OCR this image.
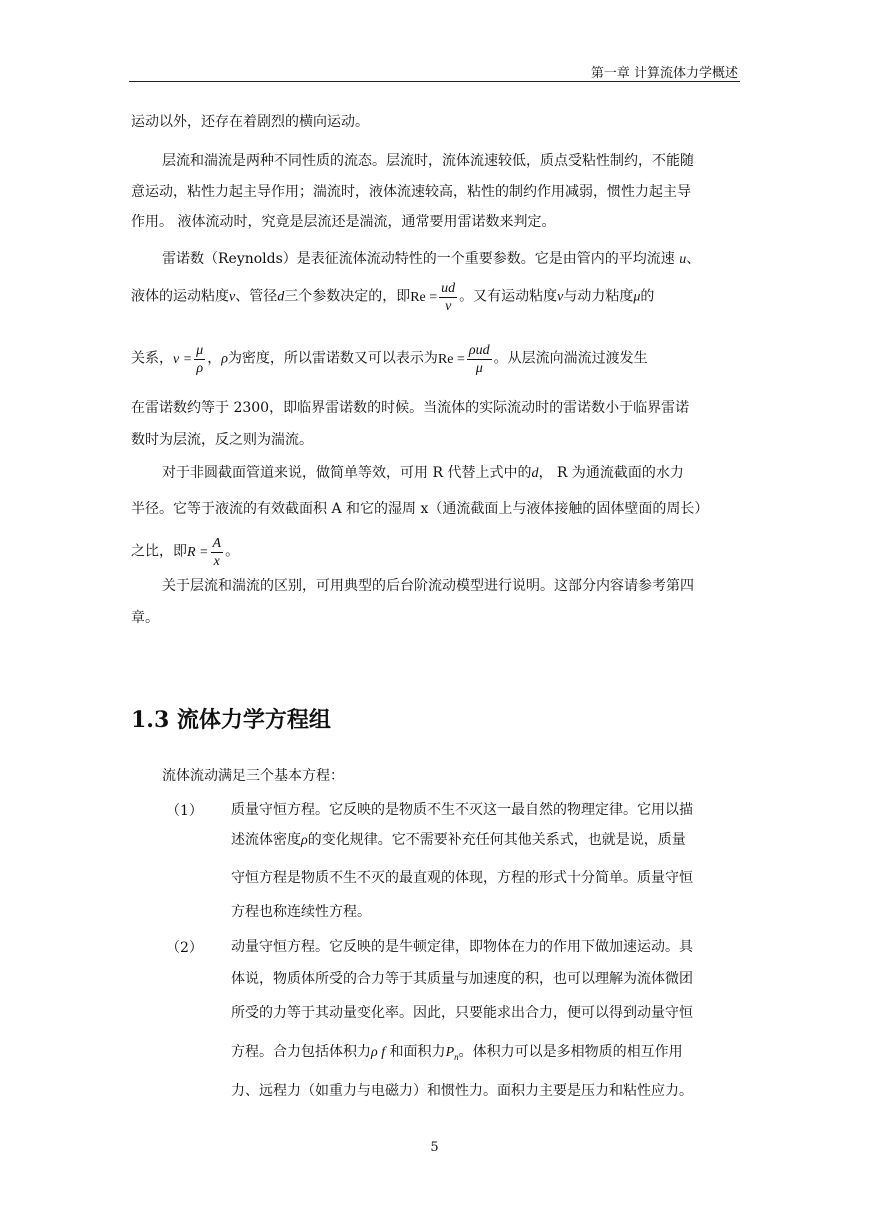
第一章 计算流体力学概述
运动以外，还存在着剧烈的横向运动。
层流和湍流是两种不同性质的流态。层流时，流体流速较低，质点受粘性制约，不能随
意运动，粘性力起主导作用；湍流时，液体流速较高，粘性的制约作用减弱，惯性力起主导
作用。 液体流动时，究竟是层流还是湍流，通常要用雷诺数来判定。
雷诺数（Reynolds）是表征流体流动特性的一个重要参数。它是由管内的平均流速 u、
液体的运动粘度ν、管径d三个参数决定的，即$Re = \frac{ud}{\nu}$ 。又有运动粘度ν与动力粘度μ的
关系，$\nu = \frac{\mu}{\rho}$ ，ρ为密度，所以雷诺数又可以表示为$Re = \frac{\text{ρud}}{\mu}$ 。从层流向湍流过渡发生
在雷诺数约等于 2300，即临界雷诺数的时候。当流体的实际流动时的雷诺数小于临界雷诺
数时为层流，反之则为湍流。
对于非圆截面管道来说，做简单等效，可用 R 代替上式中的d， R 为通流截面的水力
半径。它等于液流的有效截面积 A 和它的湿周 x（通流截面上与液体接触的固体壁面的周长）
之比，即$R = \frac{A}{x}$ 。
关于层流和湍流的区别，可用典型的后台阶流动模型进行说明。这部分内容请参考第四
章。
1.3 流体力学方程组
流体流动满足三个基本方程：
（1） 质量守恒方程。它反映的是物质不生不灭这一最自然的物理定律。它用以描
述流体密度ρ的变化规律。它不需要补充任何其他关系式，也就是说，质量
守恒方程是物质不生不灭的最直观的体现，方程的形式十分简单。质量守恒
方程也称连续性方程。
（2） 动量守恒方程。它反映的是牛顿定律，即物体在力的作用下做加速运动。具
体说，物质体所受的合力等于其质量与加速度的积，也可以理解为流体微团
所受的力等于其动量变化率。因此，只要能求出合力，便可以得到动量守恒
方程。合力包括体积力ρ f 和面积力$P_n$。体积力可以是多相物质的相互作用
力、远程力（如重力与电磁力）和惯性力。面积力主要是压力和粘性应力。
5
